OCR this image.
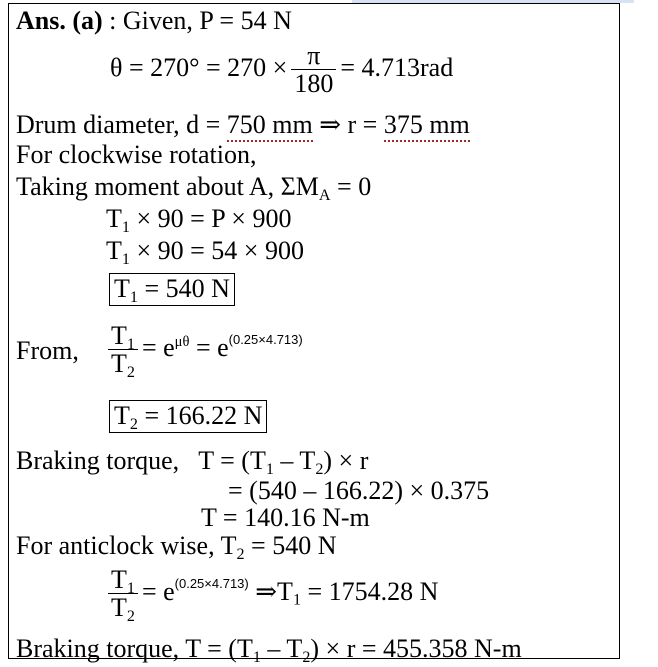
Ans. (a) : Given, P = 54 N
$\theta = 270^\circ = 270 \times \frac{\pi}{180} = 4.713rad$
Drum diameter, d = 750 mm ⇒ r = 375 mm
For clockwise rotation,
Taking moment about A, $\Sigma M_A = 0$
$T_1 \times 90 = P \times 900$
$T_1 \times 90 = 54 \times 900$
$T_1 = 540$ N
From, $\frac{T_1}{T_2} = e^{\mu\theta} = e^{(0.25\times 4.713)}$
$T_2 = 166.22$ N
Braking torque, $T = (T_1 - T_2) \times r$
= (540 – 166.22) × 0.375
T = 140.16 N-m
For anticlock wise, $T_2 = 540$ N
$\frac{T_1}{T_2} = e^{(0.25\times 4.713)}$ $\Rightarrow T_1 = 1754.28$ N
Braking torque, $T = (T_1 - T_2) \times r = 455.358$ N-m
